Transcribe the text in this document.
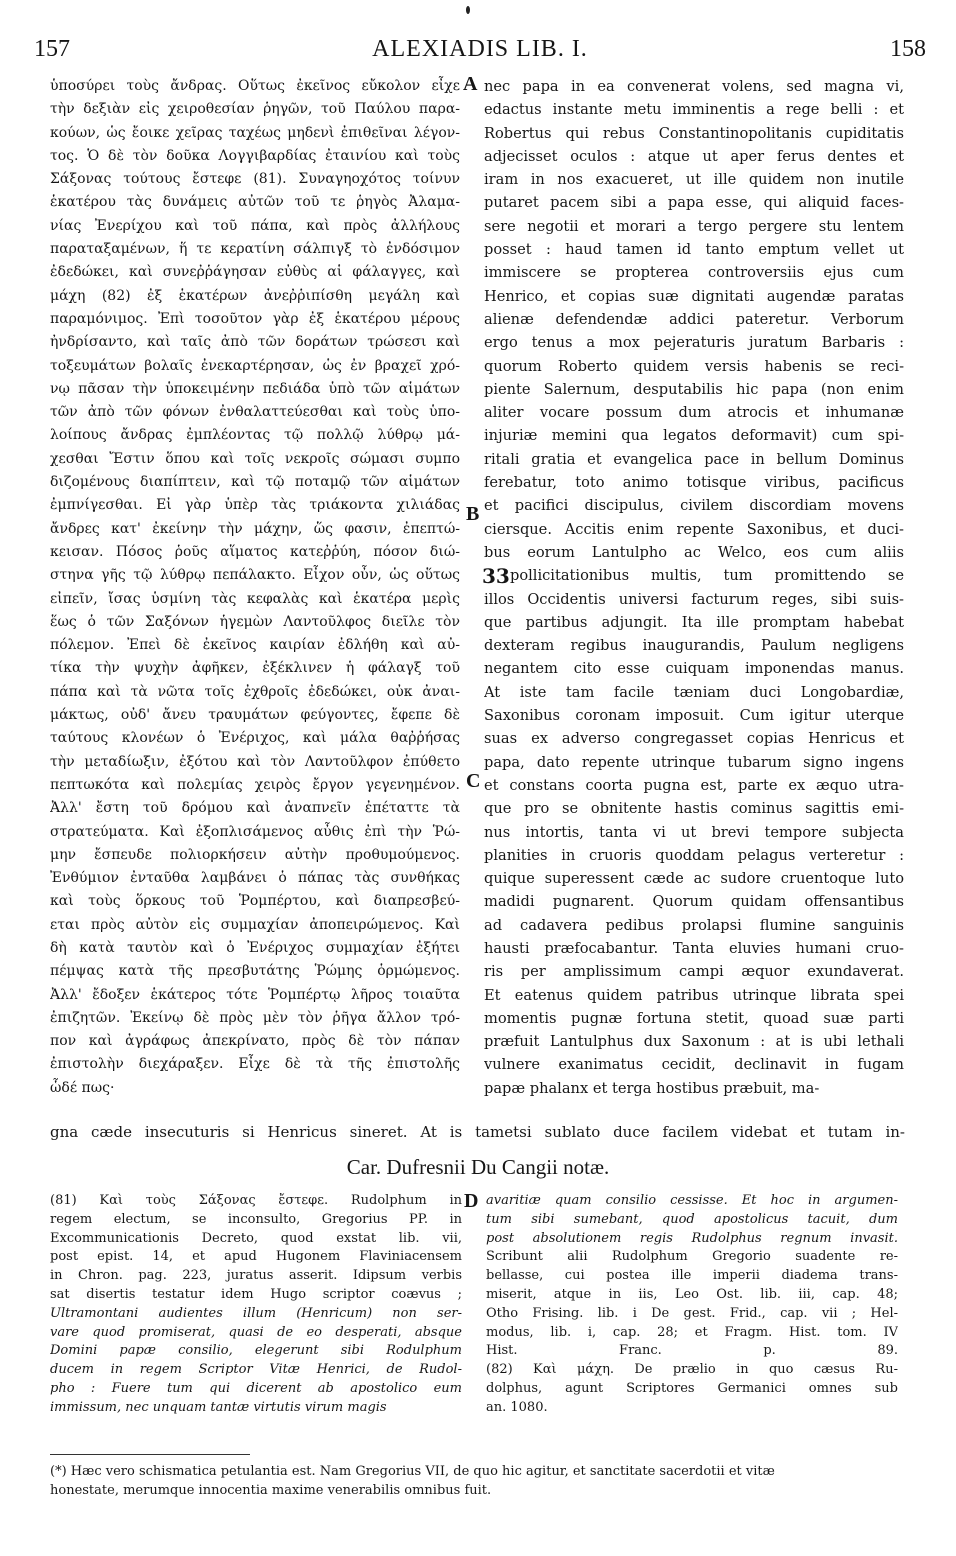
157	ALEXIADIS LIB. I.	158
A
B
C
D
ὑποσύρει τοὺς ἄνδρας. Οὕτως ἐκεῖνος εὔκολον εἶχε
τὴν δεξιὰν εἰς χειροθεσίαν ῥηγῶν, τοῦ Παύλου παρα-
κούων, ὡς ἔοικε χεῖρας ταχέως μηδενὶ ἐπιθεῖναι λέγον-
τος. Ὁ δὲ τὸν δοῦκα Λογγιβαρδίας ἐταινίου καὶ τοὺς
Σάξονας τούτους ἔστεφε (81). Συναγηοχότος τοίνυν
ἑκατέρου τὰς δυνάμεις αὐτῶν τοῦ τε ῥηγὸς Ἀλαμα-
νίας Ἐνερίχου καὶ τοῦ πάπα, καὶ πρὸς ἀλλήλους
παραταξαμένων, ἥ τε κερατίνη σάλπιγξ τὸ ἐνδόσιμον
ἐδεδώκει, καὶ συνεῤῥάγησαν εὐθὺς αἱ φάλαγγες, καὶ
μάχη (82) ἐξ ἑκατέρων ἀνεῤῥιπίσθη μεγάλη καὶ
παραμόνιμος. Ἐπὶ τοσοῦτον γὰρ ἐξ ἑκατέρου μέρους
ἠνδρίσαντο, καὶ ταῖς ἀπὸ τῶν δοράτων τρώσεσι καὶ
τοξευμάτων βολαῖς ἐνεκαρτέρησαν, ὡς ἐν βραχεῖ χρό-
νῳ πᾶσαν τὴν ὑποκειμένην πεδιάδα ὑπὸ τῶν αἱμάτων
τῶν ἀπὸ τῶν φόνων ἐνθαλαττεύεσθαι καὶ τοὺς ὑπο-
λοίπους ἄνδρας ἐμπλέοντας τῷ πολλῷ λύθρῳ μά-
χεσθαι Ἔστιν ὅπου καὶ τοῖς νεκροῖς σώμασι συμπο
διζομένους διαπίπτειν, καὶ τῷ ποταμῷ τῶν αἱμάτων
ἐμπνίγεσθαι. Εἰ γὰρ ὑπὲρ τὰς τριάκοντα χιλιάδας
ἄνδρες κατ' ἐκείνην τὴν μάχην, ὥς φασιν, ἐπεπτώ-
κεισαν. Πόσος ῥοῦς αἵματος κατεῤῥύη, πόσον διώ-
στηνα γῆς τῷ λύθρῳ πεπάλακτο. Εἶχον οὖν, ὡς οὕτως
εἰπεῖν, ἴσας ὑσμίνη τὰς κεφαλὰς καὶ ἑκατέρα μερὶς
ἕως ὁ τῶν Σαξόνων ἡγεμὼν Λαντοῦλφος διεῖλε τὸν
πόλεμον. Ἐπεὶ δὲ ἐκεῖνος καιρίαν ἐδλήθη καὶ αὐ-
τίκα τὴν ψυχὴν ἀφῆκεν, ἐξέκλινεν ἡ φάλαγξ τοῦ
πάπα καὶ τὰ νῶτα τοῖς ἐχθροῖς ἐδεδώκει, οὐκ ἀναι-
μάκτως, οὐδ' ἄνευ τραυμάτων φεύγοντες, ἔφεπε δὲ
ταύτους κλονέων ὁ Ἐνέριχος, καὶ μάλα θαῤῥήσας
τὴν μεταδίωξιν, ἐξότου καὶ τὸν Λαντοῦλφον ἐπύθετο
πεπτωκότα καὶ πολεμίας χειρὸς ἔργον γεγενημένον.
Ἀλλ' ἔστη τοῦ δρόμου καὶ ἀναπνεῖν ἐπέταττε τὰ
στρατεύματα. Καὶ ἐξοπλισάμενος αὖθις ἐπὶ τὴν Ῥώ-
μην ἔσπευδε πολιορκήσειν αὐτὴν προθυμούμενος.
Ἐνθύμιον ἐνταῦθα λαμβάνει ὁ πάπας τὰς συνθήκας
καὶ τοὺς ὅρκους τοῦ Ῥομπέρτου, καὶ διαπρεσβεύ-
εται πρὸς αὐτὸν εἰς συμμαχίαν ἀποπειρώμενος. Καὶ
δὴ κατὰ ταυτὸν καὶ ὁ Ἐνέριχος συμμαχίαν ἐξήτει
πέμψας κατὰ τῆς πρεσβυτάτης Ῥώμης ὁρμώμενος.
Ἀλλ' ἔδοξεν ἑκάτερος τότε Ῥομπέρτῳ λῆρος τοιαῦτα
ἐπιζητῶν. Ἐκείνῳ δὲ πρὸς μὲν τὸν ῥῆγα ἄλλον τρό-
πον καὶ ἀγράφως ἀπεκρίνατο, πρὸς δὲ τὸν πάπαν
ἐπιστολὴν διεχάραξεν. Εἶχε δὲ τὰ τῆς ἐπιστολῆς
ὧδέ πως·
nec papa in ea convenerat volens, sed magna vi,
edactus instante metu imminentis a rege belli : et
Robertus qui rebus Constantinopolitanis cupiditatis
adjecisset oculos : atque ut aper ferus dentes et
iram in nos exacueret, ut ille quidem non inutile
putaret pacem sibi a papa esse, qui aliquid faces-
sere negotii et morari a tergo pergere stu lentem
posset : haud tamen id tanto emptum vellet ut
immiscere se propterea controversiis ejus cum
Henrico, et copias suæ dignitati augendæ paratas
alienæ defendendæ addici pateretur. Verborum
ergo tenus a mox pejeraturis juratum Barbaris :
quorum Roberto quidem versis habenis se reci-
piente Salernum, desputabilis hic papa (non enim
aliter vocare possum dum atrocis et inhumanæ
injuriæ memini qua legatos deformavit) cum spi-
ritali gratia et evangelica pace in bellum Dominus
ferebatur, toto animo totisque viribus, pacificus
et pacifici discipulus, civilem discordiam movens
ciersque. Accitis enim repente Saxonibus, et duci-
bus eorum Lantulpho ac Welco, eos cum aliis
pollicitationibus multis, tum promittendo se
illos Occidentis universi facturum reges, sibi suis-
que partibus adjungit. Ita ille promptam habebat
dexteram regibus inaugurandis, Paulum negligens
negantem cito esse cuiquam imponendas manus.
At iste tam facile tæniam duci Longobardiæ,
Saxonibus coronam imposuit. Cum igitur uterque
suas ex adverso congregasset copias Henricus et
papa, dato repente utrinque tubarum signo ingens
et constans coorta pugna est, parte ex æquo utra-
que pro se obnitente hastis cominus sagittis emi-
nus intortis, tanta vi ut brevi tempore subjecta
planities in cruoris quoddam pelagus verteretur :
quique superessent cæde ac sudore cruentoque luto
madidi pugnarent. Quorum quidam offensantibus
ad cadavera pedibus prolapsi flumine sanguinis
hausti præfocabantur. Tanta eluvies humani cruo-
ris per amplissimum campi æquor exundaverat.
Et eatenus quidem patribus utrinque librata spei
momentis pugnæ fortuna stetit, quoad suæ parti
præfuit Lantulphus dux Saxonum : at is ubi lethali
vulnere exanimatus cecidit, declinavit in fugam
papæ phalanx et terga hostibus præbuit, ma-
33
gna cæde insecuturis si Henricus sineret. At is tametsi sublato duce facilem videbat et tutam in-
Car. Dufresnii Du Cangii notæ.
(81) Καὶ τοὺς Σάξονας ἔστεφε. Rudolphum in
regem electum, se inconsulto, Gregorius PP. in
Excommunicationis Decreto, quod exstat lib. vii,
post epist. 14, et apud Hugonem Flaviniacensem
in Chron. pag. 223, juratus asserit. Idipsum verbis
sat disertis testatur idem Hugo scriptor coævus ;
Ultramontani audientes illum (Henricum) non ser-
vare quod promiserat, quasi de eo desperati, absque
Domini papæ consilio, elegerunt sibi Rodulphum
ducem in regem Scriptor Vitæ Henrici, de Rudol-
pho : Fuere tum qui dicerent ab apostolico eum
immissum, nec unquam tantæ virtutis virum magis
avaritiæ quam consilio cessisse. Et hoc in argumen-
tum sibi sumebant, quod apostolicus tacuit, dum
post absolutionem regis Rudolphus regnum invasit.
Scribunt alii Rudolphum Gregorio suadente re-
bellasse, cui postea ille imperii diadema trans-
miserit, atque in iis, Leo Ost. lib. iii, cap. 48;
Otho Frising. lib. i De gest. Frid., cap. vii ; Hel-
modus, lib. i, cap. 28; et Fragm. Hist. tom. IV
Hist. Franc. p. 89.
(82) Καὶ μάχη. De prælio in quo cæsus Ru-
dolphus, agunt Scriptores Germanici omnes sub
an. 1080.
(*) Hæc vero schismatica petulantia est. Nam Gregorius VII, de quo hic agitur, et sanctitate sacerdotii et vitæ
honestate, merumque innocentia maxime venerabilis omnibus fuit.
